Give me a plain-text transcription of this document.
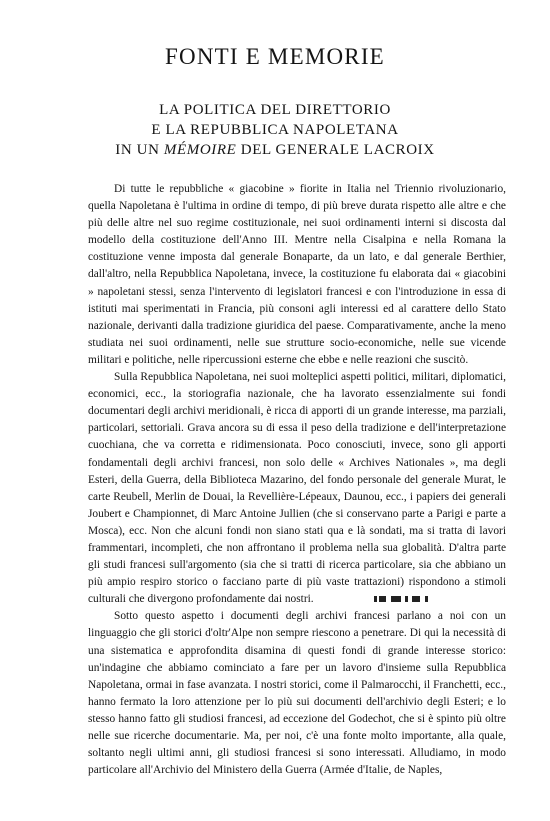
FONTI E MEMORIE
LA POLITICA DEL DIRETTORIO
E LA REPUBBLICA NAPOLETANA
IN UN MÉMOIRE DEL GENERALE LACROIX

Di tutte le repubbliche « giacobine » fiorite in Italia nel Triennio rivoluzionario, quella Napoletana è l'ultima in ordine di tempo, di più breve durata rispetto alle altre e che più delle altre nel suo regime costituzionale, nei suoi ordinamenti interni si discosta dal modello della costituzione dell'Anno III. Mentre nella Cisalpina e nella Romana la costituzione venne imposta dal generale Bonaparte, da un lato, e dal generale Berthier, dall'altro, nella Repubblica Napoletana, invece, la costituzione fu elaborata dai « giacobini » napoletani stessi, senza l'intervento di legislatori francesi e con l'introduzione in essa di istituti mai sperimentati in Francia, più consoni agli interessi ed al carattere dello Stato nazionale, derivanti dalla tradizione giuridica del paese. Comparativamente, anche la meno studiata nei suoi ordinamenti, nelle sue strutture socio-economiche, nelle sue vicende militari e politiche, nelle ripercussioni esterne che ebbe e nelle reazioni che suscitò.

Sulla Repubblica Napoletana, nei suoi molteplici aspetti politici, militari, diplomatici, economici, ecc., la storiografia nazionale, che ha lavorato essenzialmente sui fondi documentari degli archivi meridionali, è ricca di apporti di un grande interesse, ma parziali, particolari, settoriali. Grava ancora su di essa il peso della tradizione e dell'interpretazione cuochiana, che va corretta e ridimensionata. Poco conosciuti, invece, sono gli apporti fondamentali degli archivi francesi, non solo delle « Archives Nationales », ma degli Esteri, della Guerra, della Biblioteca Mazarino, del fondo personale del generale Murat, le carte Reubell, Merlin de Douai, la Revellière-Lépeaux, Daunou, ecc., i papiers dei generali Joubert e Championnet, di Marc Antoine Jullien (che si conservano parte a Parigi e parte a Mosca), ecc. Non che alcuni fondi non siano stati qua e là sondati, ma si tratta di lavori frammentari, incompleti, che non affrontano il problema nella sua globalità. D'altra parte gli studi francesi sull'argomento (sia che si tratti di ricerca particolare, sia che abbiano un più ampio respiro storico o facciano parte di più vaste trattazioni) rispondono a stimoli culturali che divergono profondamente dai nostri.

Sotto questo aspetto i documenti degli archivi francesi parlano a noi con un linguaggio che gli storici d'oltr'Alpe non sempre riescono a penetrare. Di qui la necessità di una sistematica e approfondita disamina di questi fondi di grande interesse storico: un'indagine che abbiamo cominciato a fare per un lavoro d'insieme sulla Repubblica Napoletana, ormai in fase avanzata. I nostri storici, come il Palmarocchi, il Franchetti, ecc., hanno fermato la loro attenzione per lo più sui documenti dell'archivio degli Esteri; e lo stesso hanno fatto gli studiosi francesi, ad eccezione del Godechot, che si è spinto più oltre nelle sue ricerche documentarie. Ma, per noi, c'è una fonte molto importante, alla quale, soltanto negli ultimi anni, gli studiosi francesi si sono interessati. Alludiamo, in modo particolare all'Archivio del Ministero della Guerra (Armée d'Italie, de Naples,
